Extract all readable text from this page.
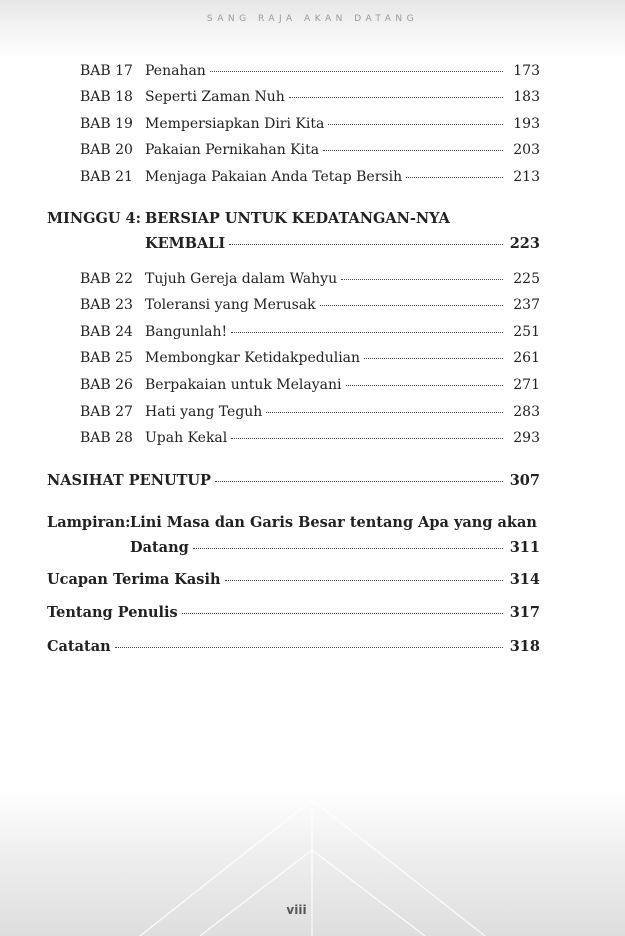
SANG RAJA AKAN DATANG
BAB 17 Penahan	173
BAB 18 Seperti Zaman Nuh	183
BAB 19 Mempersiapkan Diri Kita	193
BAB 20 Pakaian Pernikahan Kita	203
BAB 21 Menjaga Pakaian Anda Tetap Bersih	213
MINGGU 4: BERSIAP UNTUK KEDATANGAN-NYA
KEMBALI	223
BAB 22 Tujuh Gereja dalam Wahyu	225
BAB 23 Toleransi yang Merusak	237
BAB 24 Bangunlah!	251
BAB 25 Membongkar Ketidakpedulian	261
BAB 26 Berpakaian untuk Melayani	271
BAB 27 Hati yang Teguh	283
BAB 28 Upah Kekal	293
NASIHAT PENUTUP	307
Lampiran: Lini Masa dan Garis Besar tentang Apa yang akan
Datang	311
Ucapan Terima Kasih	314
Tentang Penulis	317
Catatan	318
viii
